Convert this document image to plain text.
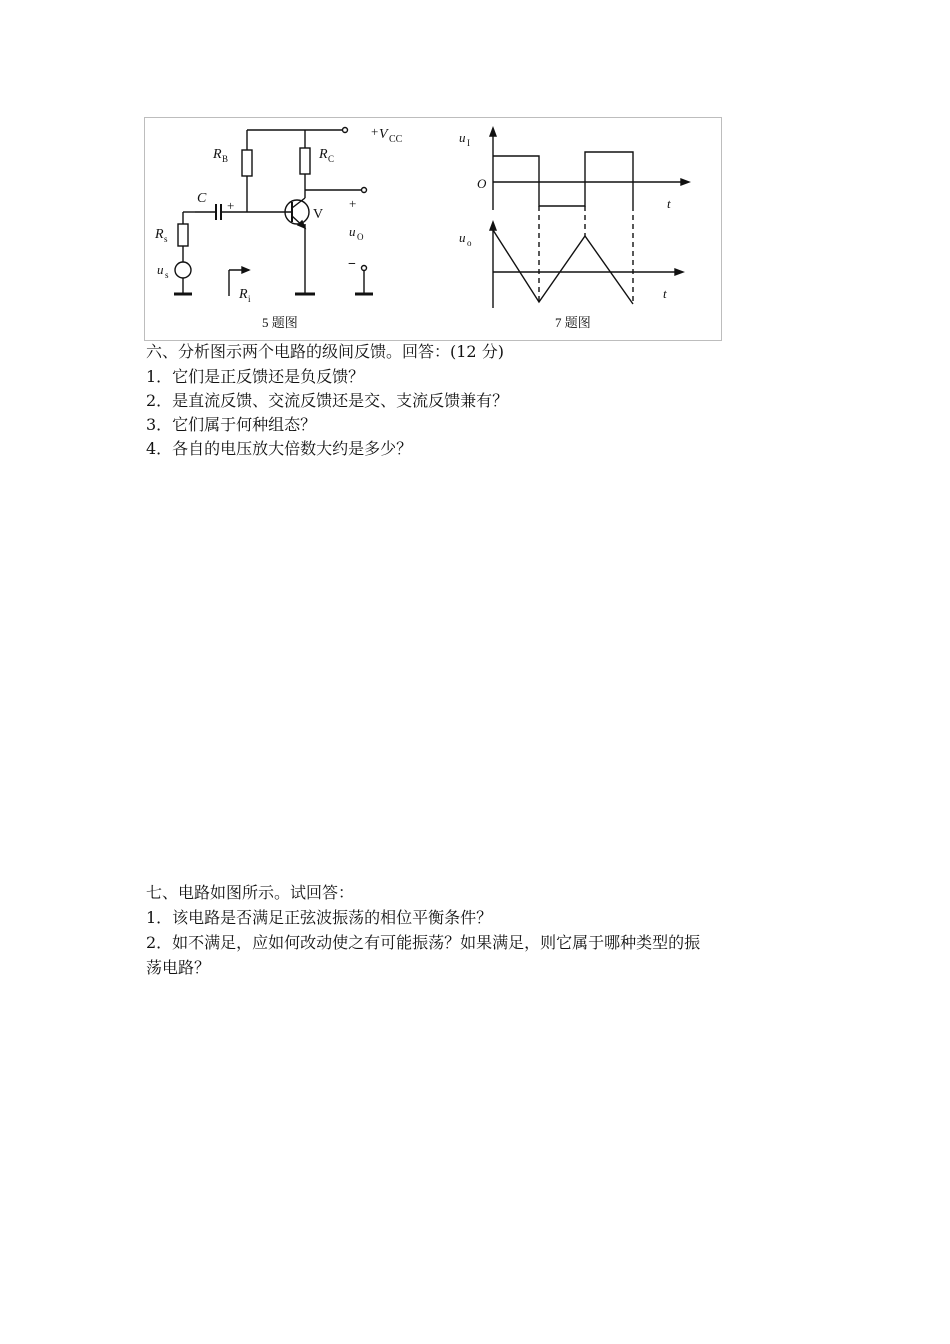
+ V CC
R B	R C
C +
R s
u s
V
+
u O
−
R i
5 题图
u I
O
t
u o
t
7 题图
六、分析图示两个电路的级间反馈。回答：(12 分)
1．它们是正反馈还是负反馈？
2．是直流反馈、交流反馈还是交、支流反馈兼有？
3．它们属于何种组态？
4．各自的电压放大倍数大约是多少？
七、电路如图所示。试回答：
1．该电路是否满足正弦波振荡的相位平衡条件？
2．如不满足，应如何改动使之有可能振荡？如果满足，则它属于哪种类型的振
荡电路？
